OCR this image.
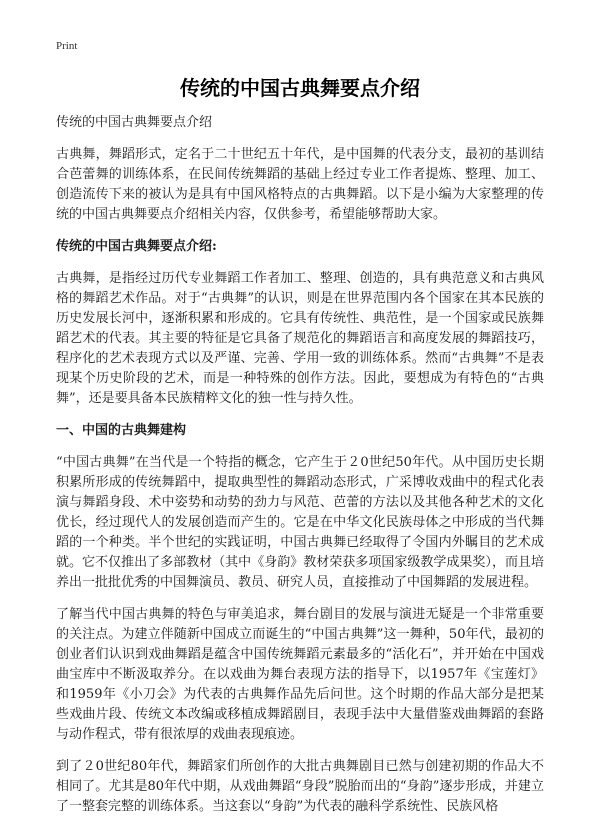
Print
传统的中国古典舞要点介绍
传统的中国古典舞要点介绍

古典舞，舞蹈形式，定名于二十世纪五十年代，是中国舞的代表分支，最初的基训结合芭蕾舞的训练体系，在民间传统舞蹈的基础上经过专业工作者提炼、整理、加工、创造流传下来的被认为是具有中国风格特点的古典舞蹈。以下是小编为大家整理的传统的中国古典舞要点介绍相关内容，仅供参考，希望能够帮助大家。

传统的中国古典舞要点介绍:

古典舞，是指经过历代专业舞蹈工作者加工、整理、创造的，具有典范意义和古典风格的舞蹈艺术作品。对于“古典舞”的认识，则是在世界范围内各个国家在其本民族的历史发展长河中，逐渐积累和形成的。它具有传统性、典范性，是一个国家或民族舞蹈艺术的代表。其主要的特征是它具备了规范化的舞蹈语言和高度发展的舞蹈技巧，程序化的艺术表现方式以及严谨、完善、学用一致的训练体系。然而“古典舞”不是表现某个历史阶段的艺术，而是一种特殊的创作方法。因此，要想成为有特色的“古典舞”，还是要具备本民族精粹文化的独一性与持久性。

一、中国的古典舞建构

“中国古典舞”在当代是一个特指的概念，它产生于２0世纪50年代。从中国历史长期积累所形成的传统舞蹈中，提取典型性的舞蹈动态形式，广采博收戏曲中的程式化表演与舞蹈身段、术中姿势和动势的劲力与风范、芭蕾的方法以及其他各种艺术的文化优长，经过现代人的发展创造而产生的。它是在中华文化民族母体之中形成的当代舞蹈的一个种类。半个世纪的实践证明，中国古典舞已经取得了令国内外瞩目的艺术成就。它不仅推出了多部教材（其中《身韵》教材荣获多项国家级教学成果奖），而且培养出一批批优秀的中国舞演员、教员、研究人员，直接推动了中国舞蹈的发展进程。

了解当代中国古典舞的特色与审美追求，舞台剧目的发展与演进无疑是一个非常重要的关注点。为建立伴随新中国成立而诞生的“中国古典舞”这一舞种，50年代，最初的创业者们认识到戏曲舞蹈是蕴含中国传统舞蹈元素最多的“活化石”，并开始在中国戏曲宝库中不断汲取养分。在以戏曲为舞台表现方法的指导下，以1957年《宝莲灯》和1959年《小刀会》为代表的古典舞作品先后问世。这个时期的作品大部分是把某些戏曲片段、传统文本改编或移植成舞蹈剧目，表现手法中大量借鉴戏曲舞蹈的套路与动作程式，带有很浓厚的戏曲表现痕迹。

到了２0世纪80年代，舞蹈家们所创作的大批古典舞剧目已然与创建初期的作品大不相同了。尤其是80年代中期，从戏曲舞蹈“身段”脱胎而出的“身韵”逐步形成，并建立了一整套完整的训练体系。当这套以“身韵”为代表的融科学系统性、民族风格
